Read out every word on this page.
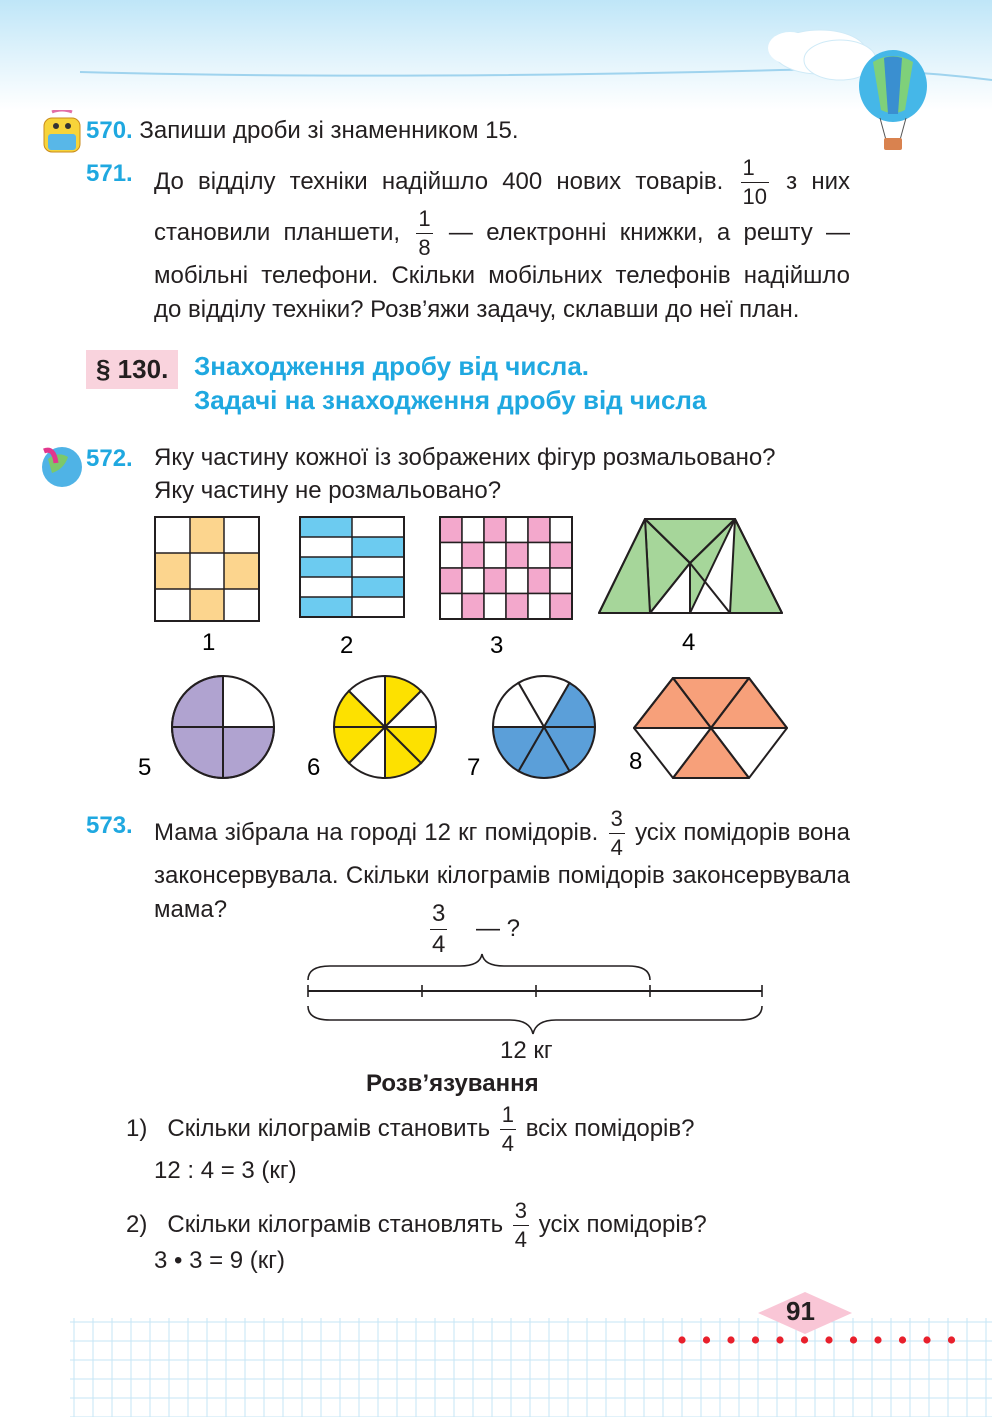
570. Запиши дроби зі знаменником 15.
571. До відділу техніки надійшло 400 нових товарів. $\frac{1}{10}$ з них становили планшети, $\frac{1}{8}$ — електронні книжки, а решту — мобільні телефони. Скільки мобільних телефонів надійшло до відділу техніки? Розв’яжи задачу, склавши до неї план.
§ 130. Знаходження дробу від числа.
Задачі на знаходження дробу від числа
572. Яку частину кожної із зображених фігур розмальовано?
Яку частину не розмальовано?
1	2	3	4
5	6	7	8
573. Мама зібрала на городі 12 кг помідорів. $\frac{3}{4}$ усіх помідорів вона законсервувала. Скільки кілограмів помідорів законсервувала мама?	$\frac{3}{4}$ — ?
12 кг
Розв’язування
1) Скільки кілограмів становить $\frac{1}{4}$ всіх помідорів?
12 : 4 = 3 (кг)
2) Скільки кілограмів становлять $\frac{3}{4}$ усіх помідорів?
3 • 3 = 9 (кг)
91
